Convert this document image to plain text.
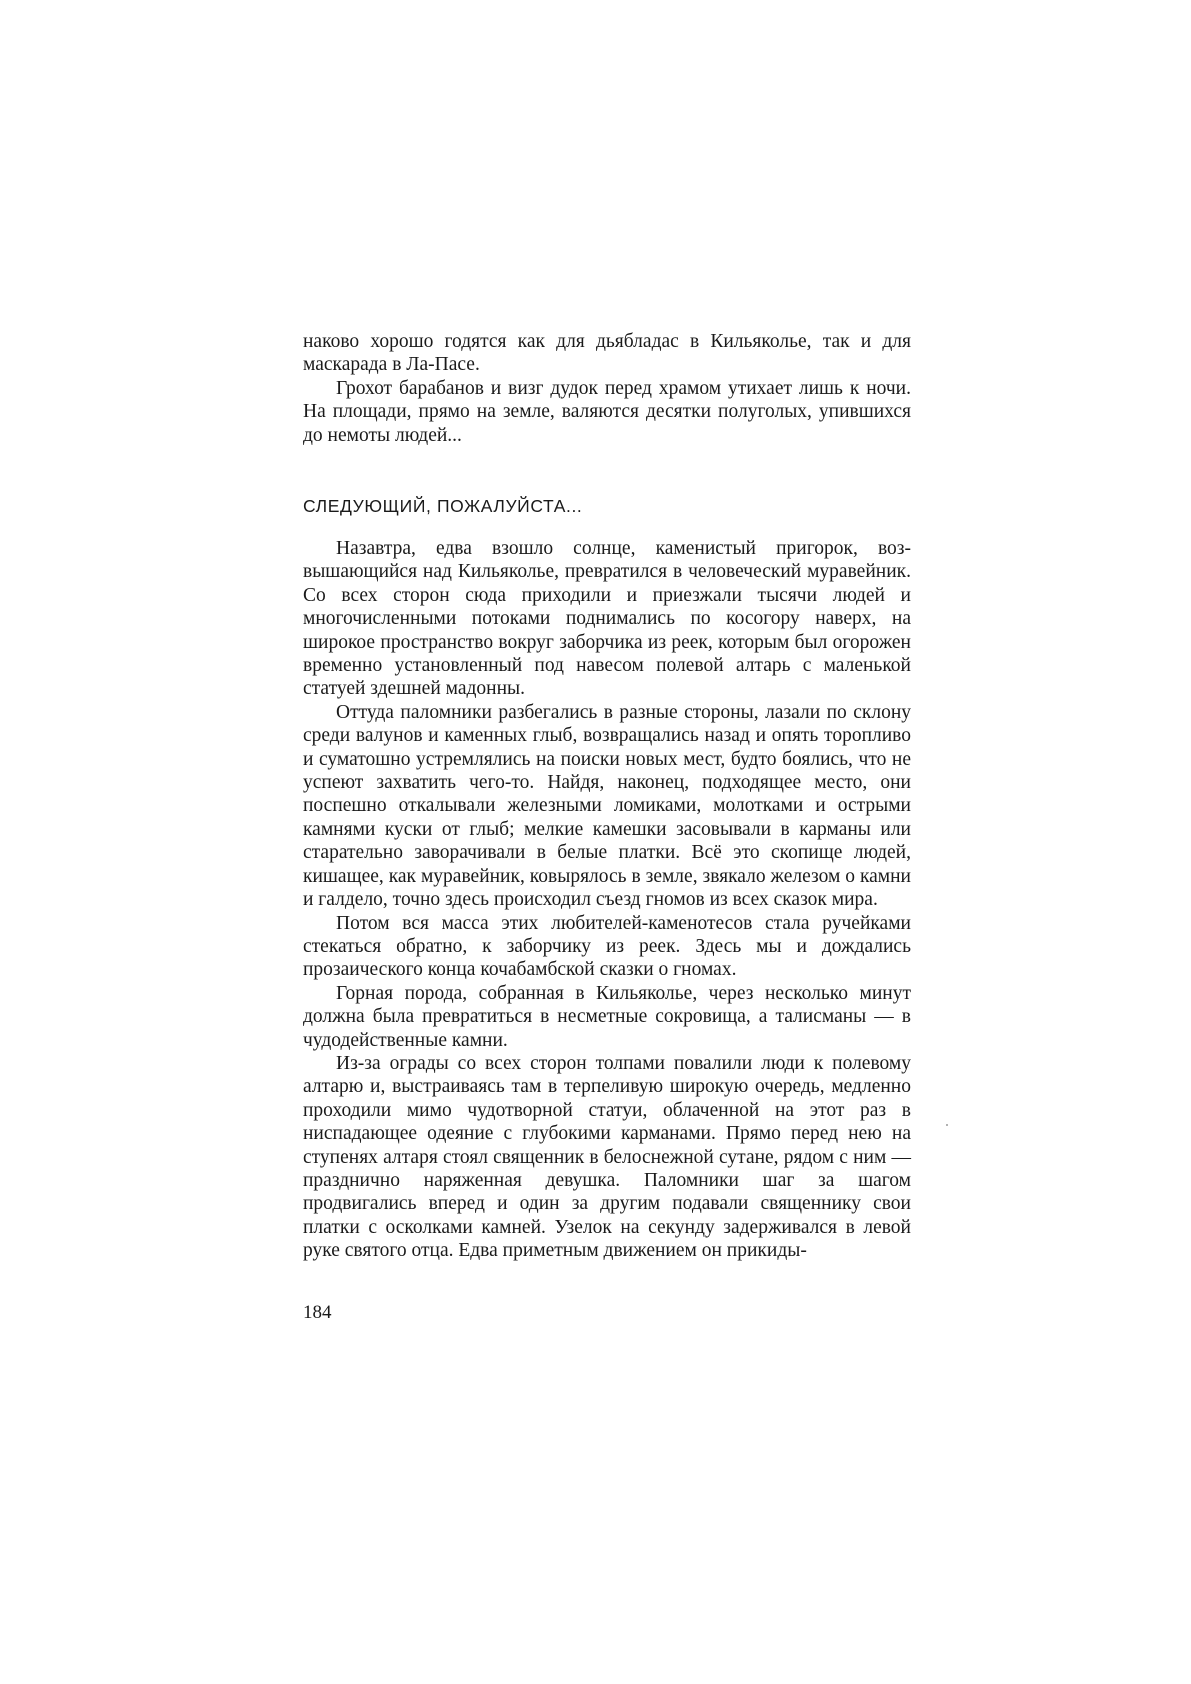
наково хорошо годятся как для дьябладас в Кильяколье, так и для маскарада в Ла-Пасе.

Грохот барабанов и визг дудок перед храмом утихает лишь к ночи. На площади, прямо на земле, валяются десятки полуголых, упившихся до немоты людей...

СЛЕДУЮЩИЙ, ПОЖАЛУЙСТА...

Назавтра, едва взошло солнце, каменистый пригорок, возвышающийся над Кильяколье, превратился в человеческий муравейник. Со всех сторон сюда приходили и приезжали тысячи людей и многочисленными потоками поднимались по косогору наверх, на широкое пространство вокруг заборчика из реек, которым был огорожен временно установленный под навесом полевой алтарь с маленькой статуей здешней мадонны.

Оттуда паломники разбегались в разные стороны, лазали по склону среди валунов и каменных глыб, возвращались назад и опять торопливо и суматошно устремлялись на поиски новых мест, будто боялись, что не успеют захватить чего-то. Найдя, наконец, подходящее место, они поспешно откалывали железными ломиками, молотками и острыми камнями куски от глыб; мелкие камешки засовывали в карманы или старательно заворачивали в белые платки. Всё это скопище людей, кишащее, как муравейник, ковырялось в земле, звякало железом о камни и галдело, точно здесь происходил съезд гномов из всех сказок мира.

Потом вся масса этих любителей-каменотесов стала ручейками стекаться обратно, к заборчику из реек. Здесь мы и дождались прозаического конца кочабамбской сказки о гномах.

Горная порода, собранная в Кильяколье, через несколько минут должна была превратиться в несметные сокровища, а талисманы — в чудодейственные камни.

Из-за ограды со всех сторон толпами повалили люди к полевому алтарю и, выстраиваясь там в терпеливую широкую очередь, медленно проходили мимо чудотворной статуи, облаченной на этот раз в ниспадающее одеяние с глубокими карманами. Прямо перед нею на ступенях алтаря стоял священник в белоснежной сутане, рядом с ним — празднично наряженная девушка. Паломники шаг за шагом продвигались вперед и один за другим подавали священнику свои платки с осколками камней. Узелок на секунду задерживался в левой руке святого отца. Едва приметным движением он прикиды-

184
